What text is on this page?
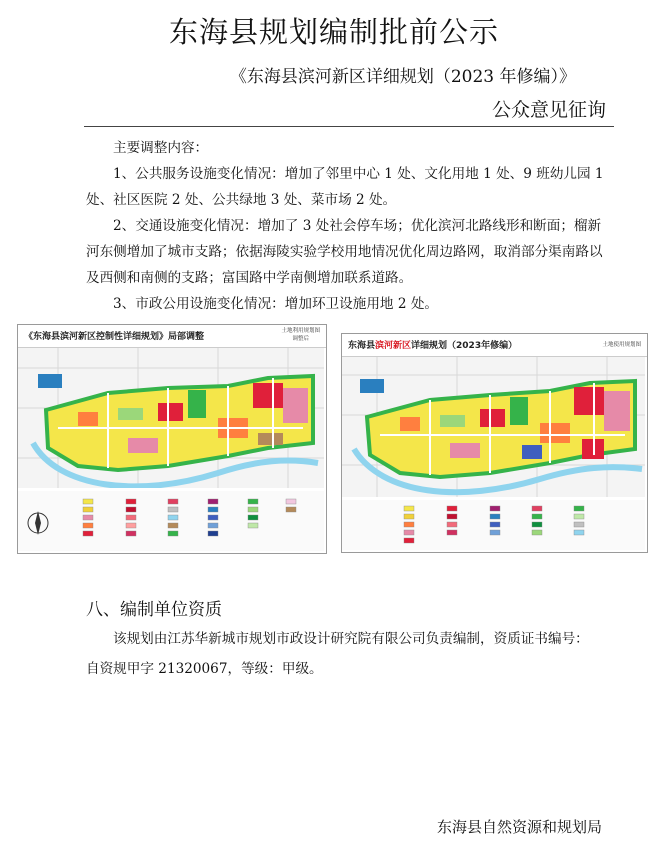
东海县规划编制批前公示
《东海县滨河新区详细规划（2023 年修编）》
公众意见征询

主要调整内容：

1、公共服务设施变化情况：增加了邻里中心 1 处、文化用地 1 处、9 班幼儿园 1 处、社区医院 2 处、公共绿地 3 处、菜市场 2 处。

2、交通设施变化情况：增加了 3 处社会停车场；优化滨河北路线形和断面；榴新河东侧增加了城市支路；依据海陵实验学校用地情况优化周边路网，取消部分渠南路以及西侧和南侧的支路；富国路中学南侧增加联系道路。

3、市政公用设施变化情况：增加环卫设施用地 2 处。

《东海县滨河新区控制性详细规划》局部调整
土地利用规划图
调整后
东海县滨河新区详细规划（2023年修编）	土地使用规划图
八、编制单位资质
该规划由江苏华新城市规划市政设计研究院有限公司负责编制，资质证书编号：
自资规甲字 21320067，等级：甲级。
东海县自然资源和规划局
